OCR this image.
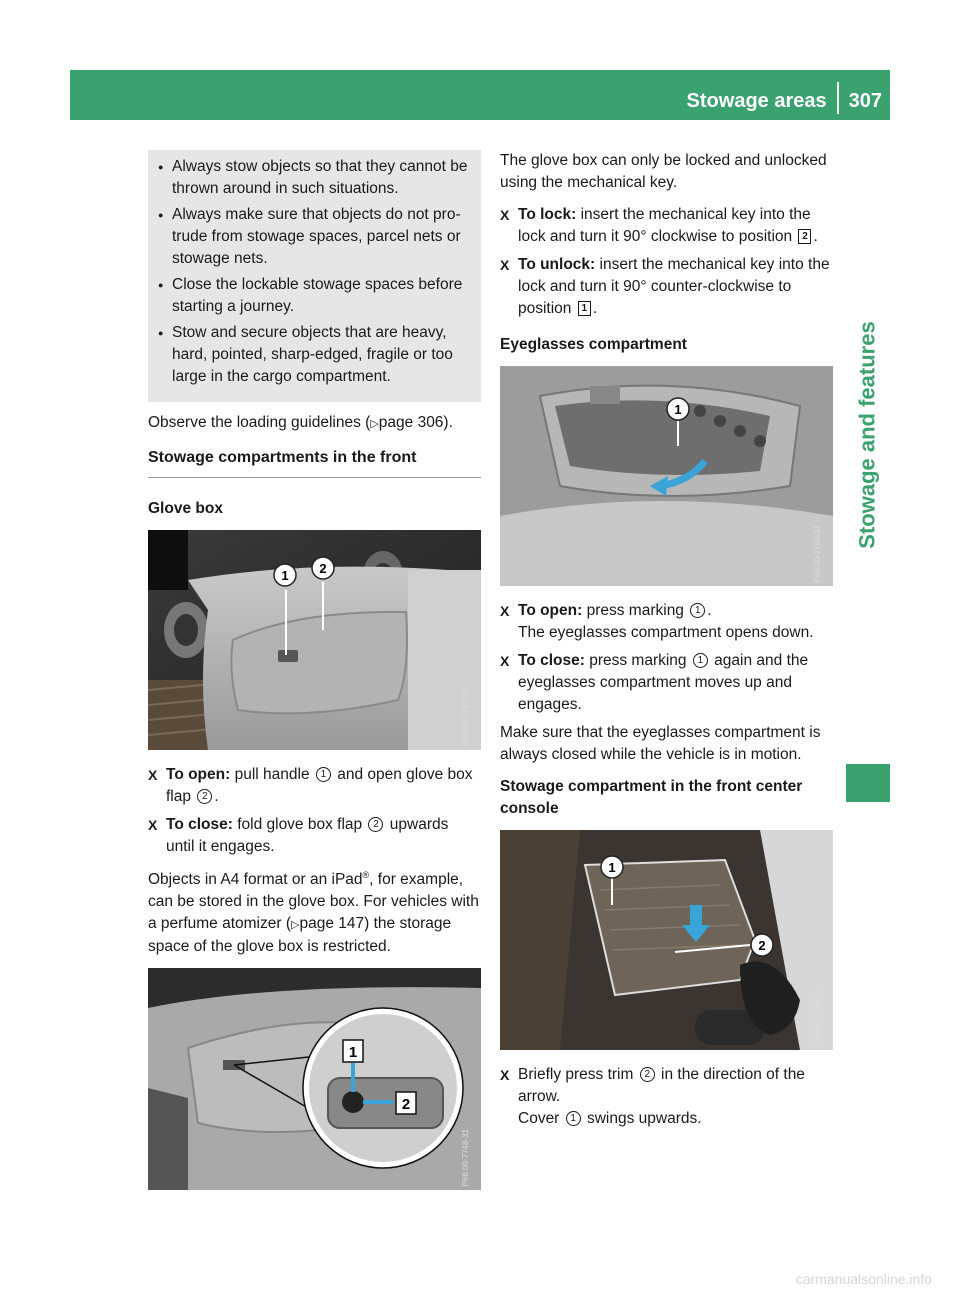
Stowage areas	307
Stowage and features
● Always stow objects so that they cannot be thrown around in such situations.
● Always make sure that objects do not pro- trude from stowage spaces, parcel nets or stowage nets.
● Close the lockable stowage spaces before starting a journey.
● Stow and secure objects that are heavy, hard, pointed, sharp-edged, fragile or too large in the cargo compartment.

Observe the loading guidelines (▷page 306).

Stowage compartments in the front
Glove box
1 2
P68.00-7747-31
X To open: pull handle 1 and open glove box flap 2 .
X To close: fold glove box flap 2 upwards until it engages.

Objects in A4 format or an iPad®, for example, can be stored in the glove box. For vehicles with a perfume atomizer (▷page 147) the storage space of the glove box is restricted.

1
2
P68.00-7748-31

The glove box can only be locked and unlocked using the mechanical key.

X To lock: insert the mechanical key into the lock and turn it 90° clockwise to position 2 .
X To unlock: insert the mechanical key into the lock and turn it 90° counter-clockwise to position 1 .
Eyeglasses compartment
1
P68.00-7788-31
X To open: press marking 1 .
The eyeglasses compartment opens down.
X To close: press marking 1 again and the eyeglasses compartment moves up and engages.

Make sure that the eyeglasses compartment is always closed while the vehicle is in motion.

Stowage compartment in the front center console
1
2
P68.00-7749-31
X Briefly press trim 2 in the direction of the arrow.
Cover 1 swings upwards.
carmanualsonline.info
